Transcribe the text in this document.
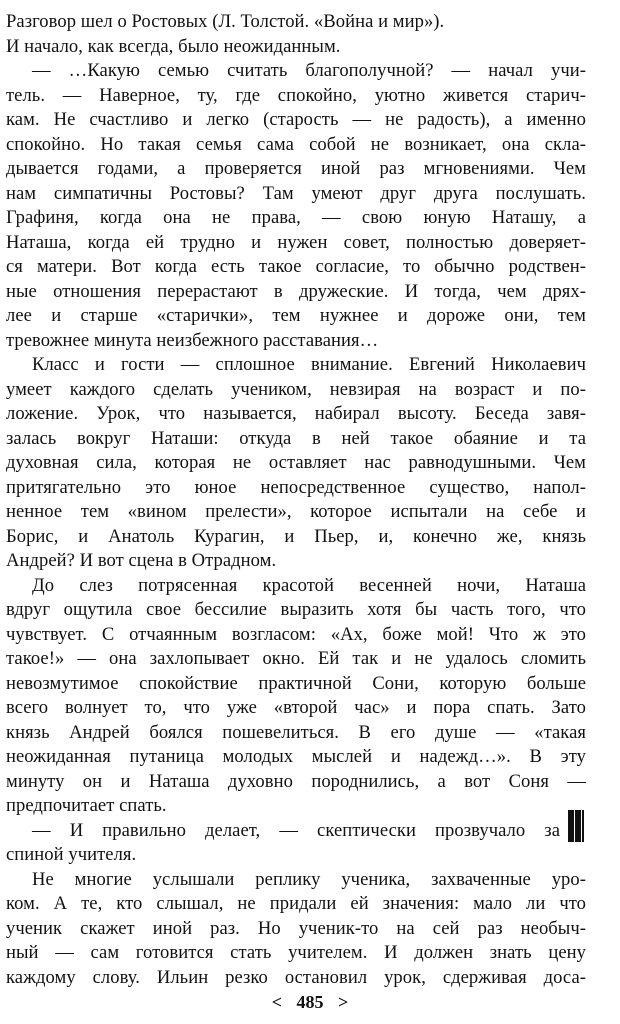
Разговор шел о Ростовых (Л. Толстой. «Война и мир»).
И начало, как всегда, было неожиданным.
— …Какую семью считать благополучной? — начал учи-
тель. — Наверное, ту, где спокойно, уютно живется старич-
кам. Не счастливо и легко (старость — не радость), а именно
спокойно. Но такая семья сама собой не возникает, она скла-
дывается годами, а проверяется иной раз мгновениями. Чем
нам симпатичны Ростовы? Там умеют друг друга послушать.
Графиня, когда она не права, — свою юную Наташу, а
Наташа, когда ей трудно и нужен совет, полностью доверяет-
ся матери. Вот когда есть такое согласие, то обычно родствен-
ные отношения перерастают в дружеские. И тогда, чем дрях-
лее и старше «старички», тем нужнее и дороже они, тем
тревожнее минута неизбежного расставания…
Класс и гости — сплошное внимание. Евгений Николаевич
умеет каждого сделать учеником, невзирая на возраст и по-
ложение. Урок, что называется, набирал высоту. Беседа завя-
залась вокруг Наташи: откуда в ней такое обаяние и та
духовная сила, которая не оставляет нас равнодушными. Чем
притягательно это юное непосредственное существо, напол-
ненное тем «вином прелести», которое испытали на себе и
Борис, и Анатоль Курагин, и Пьер, и, конечно же, князь
Андрей? И вот сцена в Отрадном.
До слез потрясенная красотой весенней ночи, Наташа
вдруг ощутила свое бессилие выразить хотя бы часть того, что
чувствует. С отчаянным возгласом: «Ах, боже мой! Что ж это
такое!» — она захлопывает окно. Ей так и не удалось сломить
невозмутимое спокойствие практичной Сони, которую больше
всего волнует то, что уже «второй час» и пора спать. Зато
князь Андрей боялся пошевелиться. В его душе — «такая
неожиданная путаница молодых мыслей и надежд…». В эту
минуту он и Наташа духовно породнились, а вот Соня —
предпочитает спать.
— И правильно делает, — скептически прозвучало за
спиной учителя.
Не многие услышали реплику ученика, захваченные уро-
ком. А те, кто слышал, не придали ей значения: мало ли что
ученик скажет иной раз. Но ученик-то на сей раз необыч-
ный — сам готовится стать учителем. И должен знать цену
каждому слову. Ильин резко остановил урок, сдерживая доса-
< 485 >
